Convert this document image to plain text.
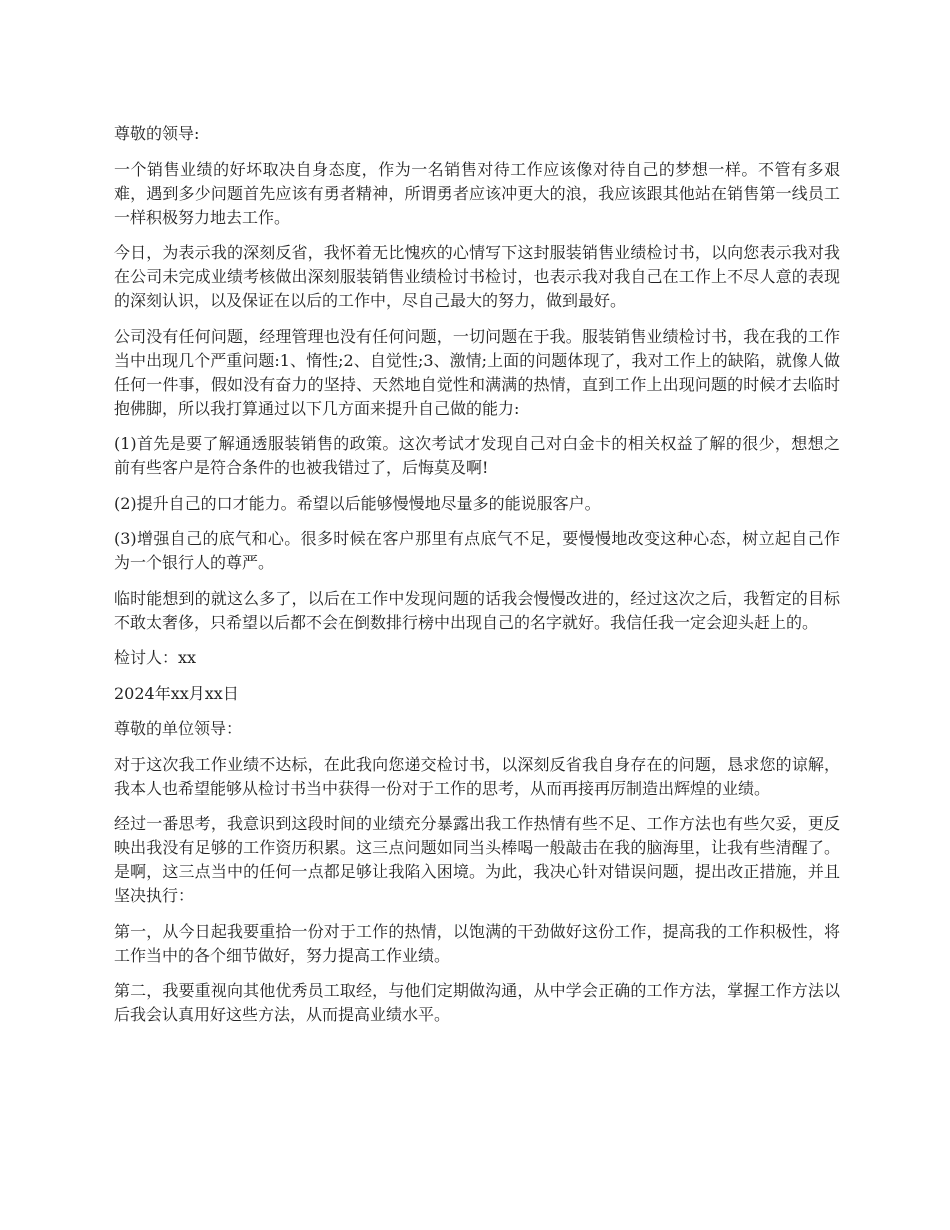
尊敬的领导:

一个销售业绩的好坏取决自身态度，作为一名销售对待工作应该像对待自己的梦想一样。不管有多艰难，遇到多少问题首先应该有勇者精神，所谓勇者应该冲更大的浪，我应该跟其他站在销售第一线员工一样积极努力地去工作。

今日，为表示我的深刻反省，我怀着无比愧疚的心情写下这封服装销售业绩检讨书，以向您表示我对我在公司未完成业绩考核做出深刻服装销售业绩检讨书检讨，也表示我对我自己在工作上不尽人意的表现的深刻认识，以及保证在以后的工作中，尽自己最大的努力，做到最好。

公司没有任何问题，经理管理也没有任何问题，一切问题在于我。服装销售业绩检讨书，我在我的工作当中出现几个严重问题:1、惰性;2、自觉性;3、激情;上面的问题体现了，我对工作上的缺陷，就像人做任何一件事，假如没有奋力的坚持、天然地自觉性和满满的热情，直到工作上出现问题的时候才去临时抱佛脚，所以我打算通过以下几方面来提升自己做的能力:

(1)首先是要了解通透服装销售的政策。这次考试才发现自己对白金卡的相关权益了解的很少，想想之前有些客户是符合条件的也被我错过了，后悔莫及啊!

(2)提升自己的口才能力。希望以后能够慢慢地尽量多的能说服客户。

(3)增强自己的底气和心。很多时候在客户那里有点底气不足，要慢慢地改变这种心态，树立起自己作为一个银行人的尊严。

临时能想到的就这么多了，以后在工作中发现问题的话我会慢慢改进的，经过这次之后，我暂定的目标不敢太奢侈，只希望以后都不会在倒数排行榜中出现自己的名字就好。我信任我一定会迎头赶上的。

检讨人：xx

2024年xx月xx日

尊敬的单位领导：

对于这次我工作业绩不达标，在此我向您递交检讨书，以深刻反省我自身存在的问题，恳求您的谅解，我本人也希望能够从检讨书当中获得一份对于工作的思考，从而再接再厉制造出辉煌的业绩。

经过一番思考，我意识到这段时间的业绩充分暴露出我工作热情有些不足、工作方法也有些欠妥，更反映出我没有足够的工作资历积累。这三点问题如同当头棒喝一般敲击在我的脑海里，让我有些清醒了。是啊，这三点当中的任何一点都足够让我陷入困境。为此，我决心针对错误问题，提出改正措施，并且坚决执行：

第一，从今日起我要重拾一份对于工作的热情，以饱满的干劲做好这份工作，提高我的工作积极性，将工作当中的各个细节做好，努力提高工作业绩。

第二，我要重视向其他优秀员工取经，与他们定期做沟通，从中学会正确的工作方法，掌握工作方法以后我会认真用好这些方法，从而提高业绩水平。
